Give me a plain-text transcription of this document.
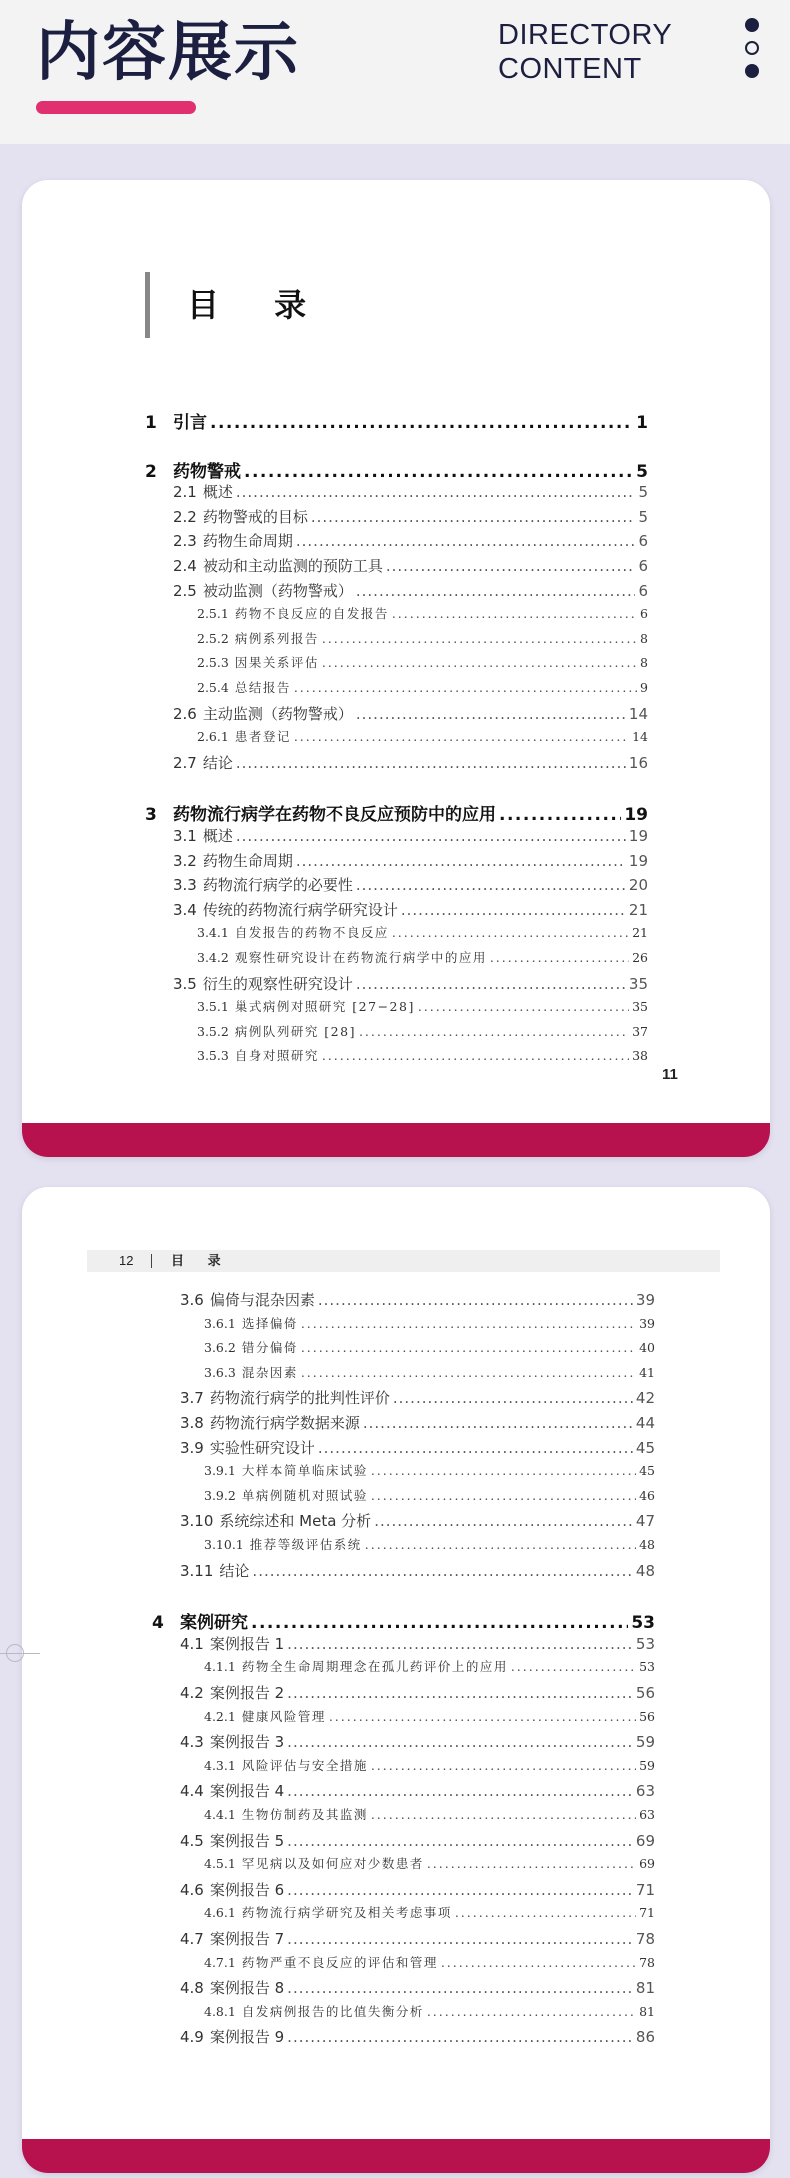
内容展示	DIRECTORY
CONTENT
目 录
1 引言 .....	1
2 药物警戒 .....	5
2.1 概述 .....	5
2.2 药物警戒的目标 .....	5
2.3 药物生命周期 .....	6
2.4 被动和主动监测的预防工具 .....	6
2.5 被动监测（药物警戒） .....	6
2.5.1 药物不良反应的自发报告 .....	6
2.5.2 病例系列报告 .....	8
2.5.3 因果关系评估 .....	8
2.5.4 总结报告 .....	9
2.6 主动监测（药物警戒） .....	14
2.6.1 患者登记 .....	14
2.7 结论 .....	16
3 药物流行病学在药物不良反应预防中的应用 .....	19
3.1 概述 .....	19
3.2 药物生命周期 .....	19
3.3 药物流行病学的必要性 .....	20
3.4 传统的药物流行病学研究设计 .....	21
3.4.1 自发报告的药物不良反应 .....	21
3.4.2 观察性研究设计在药物流行病学中的应用 .....	26
3.5 衍生的观察性研究设计 .....	35
3.5.1 巢式病例对照研究 [27−28] .....	35
3.5.2 病例队列研究 [28] .....	37
3.5.3 自身对照研究 .....	38
11
12	目 录
3.6 偏倚与混杂因素 .....	39
3.6.1 选择偏倚 .....	39
3.6.2 错分偏倚 .....	40
3.6.3 混杂因素 .....	41
3.7 药物流行病学的批判性评价 .....	42
3.8 药物流行病学数据来源 .....	44
3.9 实验性研究设计 .....	45
3.9.1 大样本简单临床试验 .....	45
3.9.2 单病例随机对照试验 .....	46
3.10 系统综述和 Meta 分析 .....	47
3.10.1 推荐等级评估系统 .....	48
3.11 结论 .....	48
4 案例研究 .....	53
4.1 案例报告 1 .....	53
4.1.1 药物全生命周期理念在孤儿药评价上的应用 .....	53
4.2 案例报告 2 .....	56
4.2.1 健康风险管理 .....	56
4.3 案例报告 3 .....	59
4.3.1 风险评估与安全措施 .....	59
4.4 案例报告 4 .....	63
4.4.1 生物仿制药及其监测 .....	63
4.5 案例报告 5 .....	69
4.5.1 罕见病以及如何应对少数患者 .....	69
4.6 案例报告 6 .....	71
4.6.1 药物流行病学研究及相关考虑事项 .....	71
4.7 案例报告 7 .....	78
4.7.1 药物严重不良反应的评估和管理 .....	78
4.8 案例报告 8 .....	81
4.8.1 自发病例报告的比值失衡分析 .....	81
4.9 案例报告 9 .....	86
